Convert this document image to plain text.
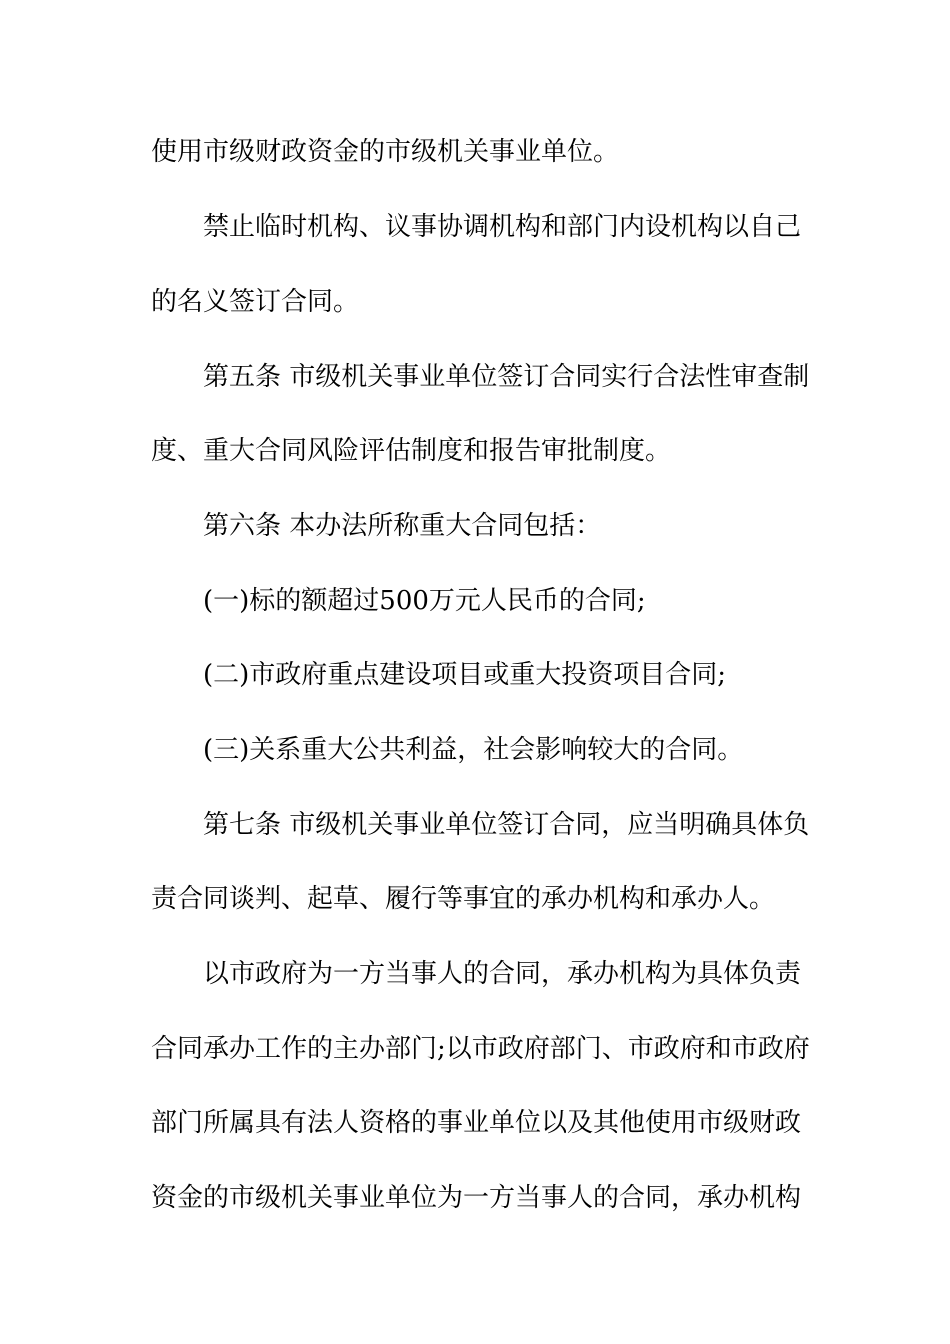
使用市级财政资金的市级机关事业单位。
禁止临时机构、议事协调机构和部门内设机构以自己
的名义签订合同。
第五条 市级机关事业单位签订合同实行合法性审查制
度、重大合同风险评估制度和报告审批制度。
第六条 本办法所称重大合同包括：
(一)标的额超过500万元人民币的合同;
(二)市政府重点建设项目或重大投资项目合同;
(三)关系重大公共利益，社会影响较大的合同。
第七条 市级机关事业单位签订合同，应当明确具体负
责合同谈判、起草、履行等事宜的承办机构和承办人。
以市政府为一方当事人的合同，承办机构为具体负责
合同承办工作的主办部门;以市政府部门、市政府和市政府
部门所属具有法人资格的事业单位以及其他使用市级财政
资金的市级机关事业单位为一方当事人的合同，承办机构
